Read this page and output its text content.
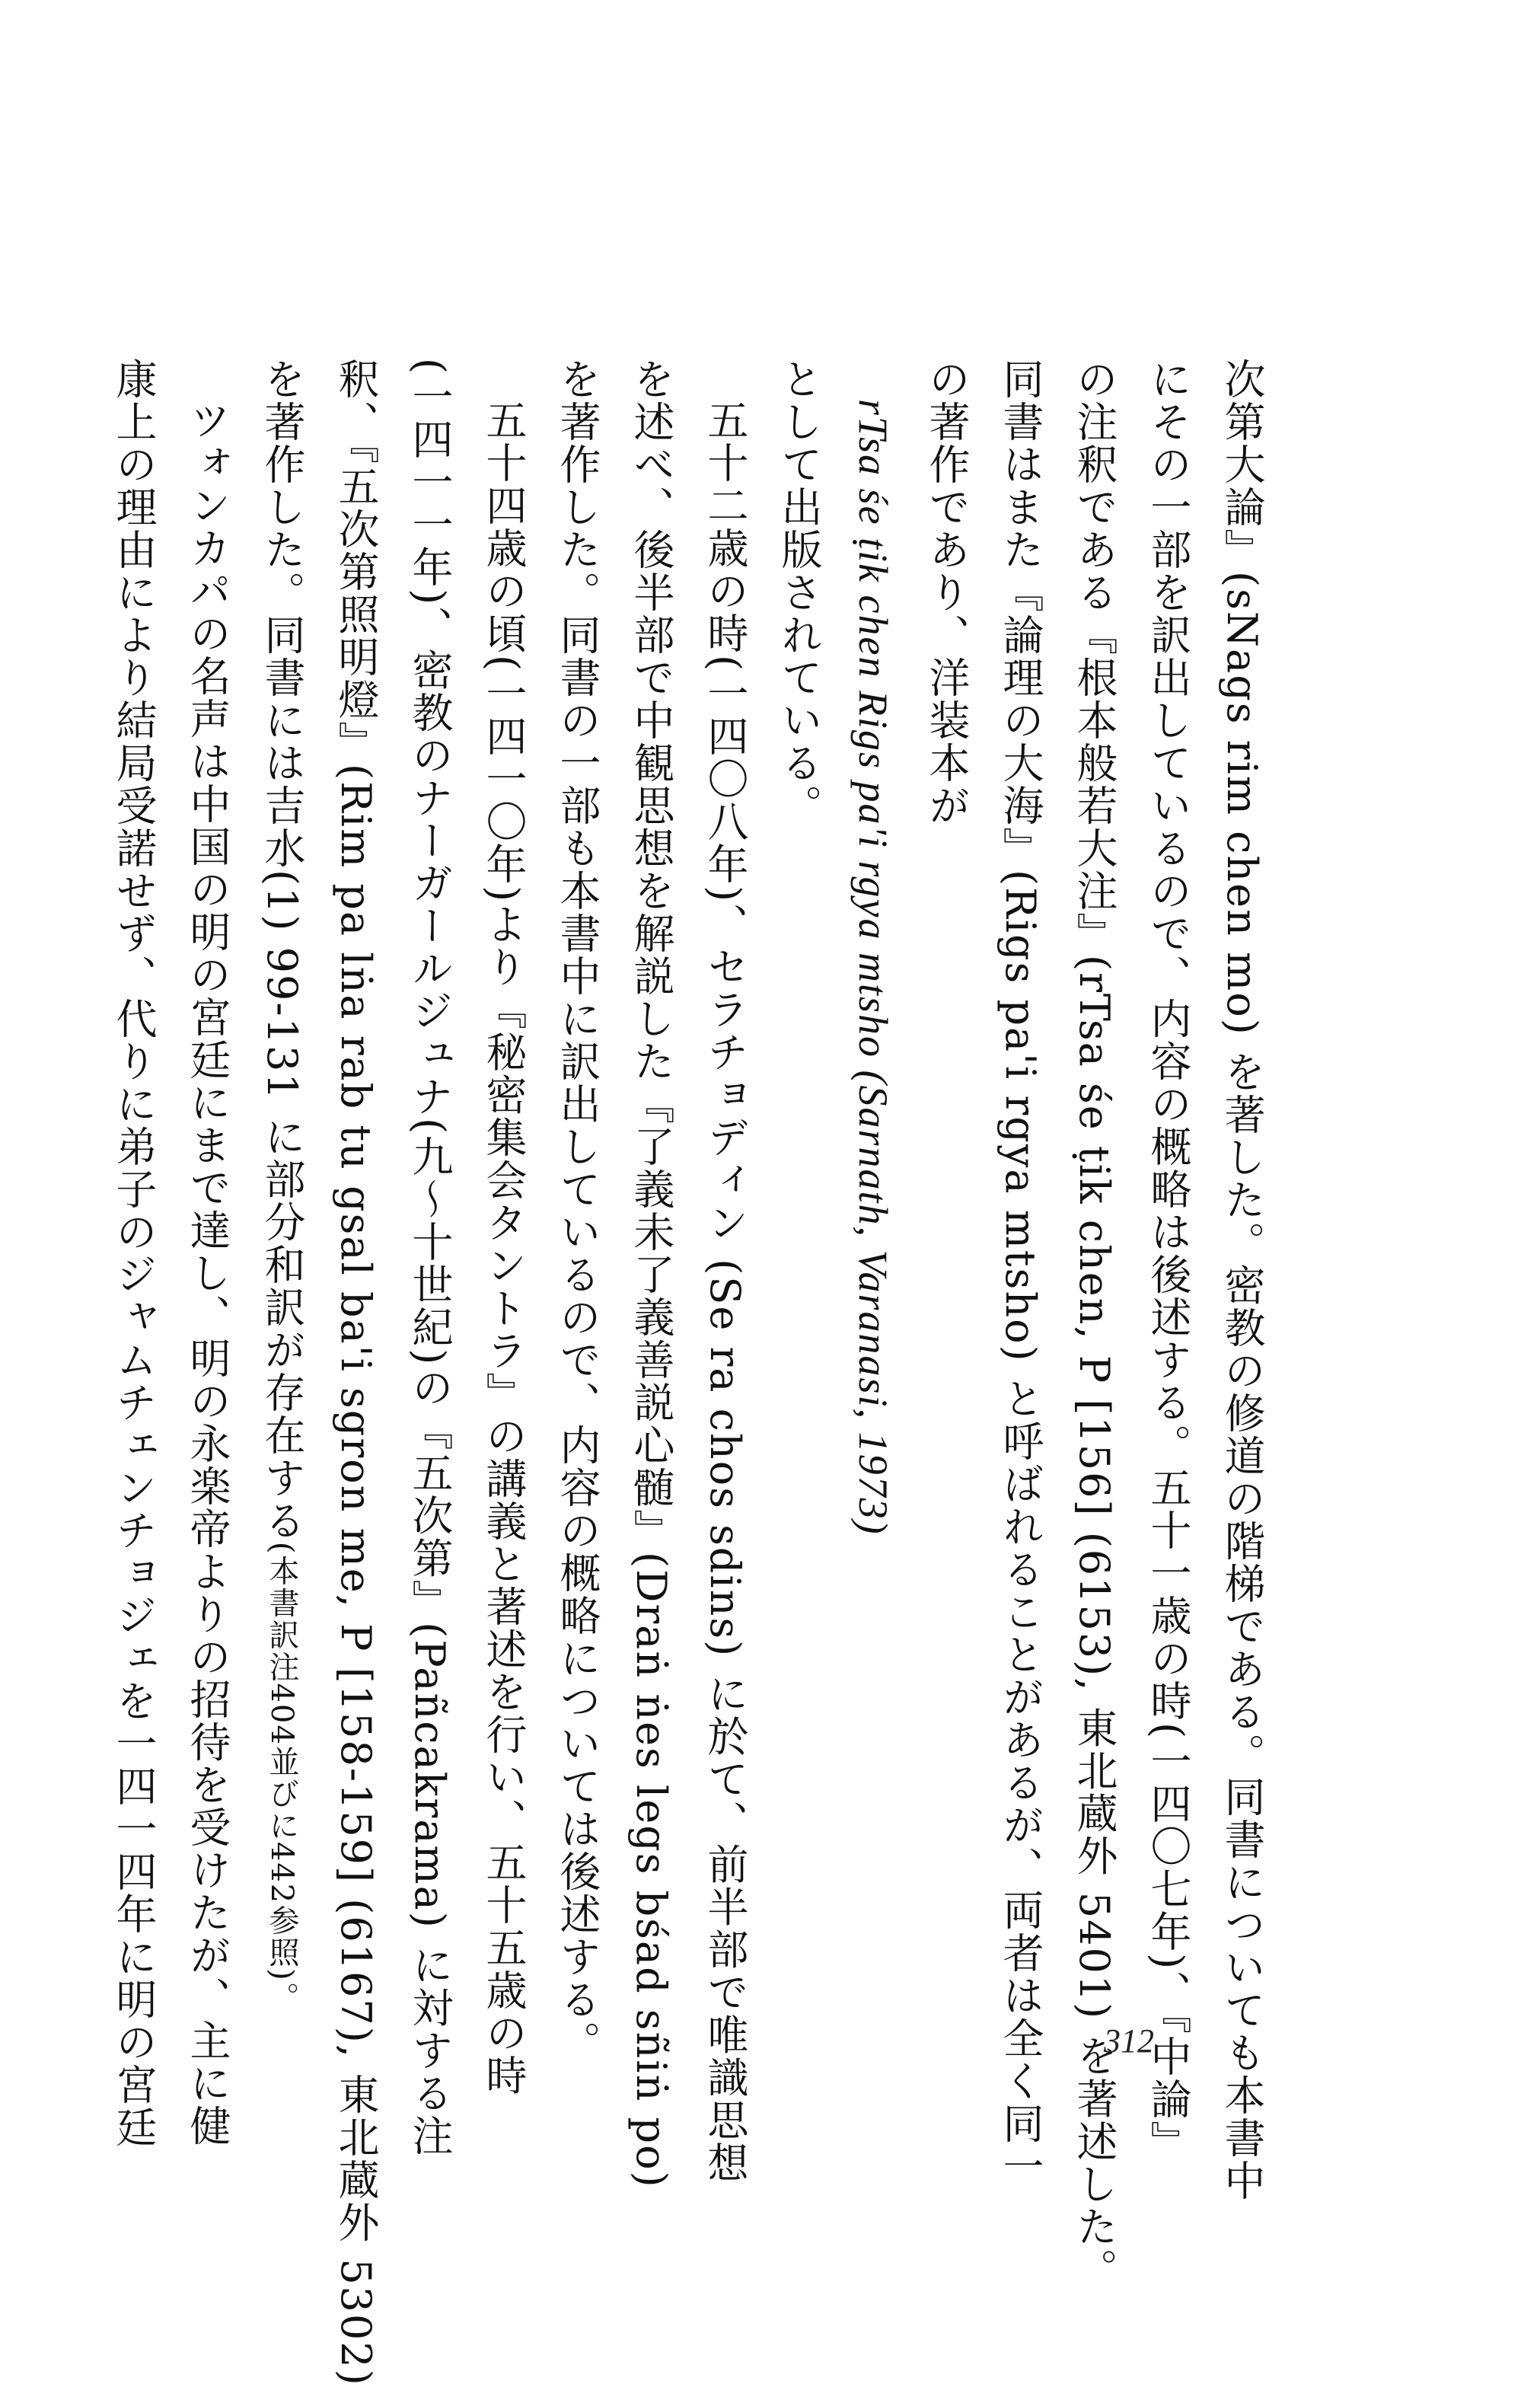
次第大論』(sNags rim chen mo) を著した。密教の修道の階梯である。同書についても本書中
にその一部を訳出しているので、内容の概略は後述する。五十一歳の時(一四〇七年)、『中論』
の注釈である『根本般若大注』(rTsa śe ṭik chen, P [156] (6153), 東北蔵外 5401) を著述した。
同書はまた『論理の大海』(Rigs pa'i rgya mtsho) と呼ばれることがあるが、両者は全く同一
の著作であり、洋装本が
rTsa śe ṭik chen Rigs pa'i rgya mtsho (Sarnath, Varanasi, 1973)
として出版されている。
五十二歳の時(一四〇八年)、セラチョディン (Se ra chos sdins) に於て、前半部で唯識思想
を述べ、後半部で中観思想を解説した『了義未了義善説心髄』(Draṅ ṅes legs bśad sñiṅ po)
を著作した。同書の一部も本書中に訳出しているので、内容の概略については後述する。
五十四歳の頃(一四一〇年)より『秘密集会タントラ』の講義と著述を行い、五十五歳の時
(一四一一年)、密教のナーガールジュナ(九～十世紀)の『五次第』(Pañcakrama) に対する注
釈、『五次第照明燈』(Rim pa lṅa rab tu gsal ba'i sgron me, P [158-159] (6167), 東北蔵外 5302)
を著作した。同書には吉水(1) 99-131 に部分和訳が存在する(本書訳注404並びに442参照)。
ツォンカパの名声は中国の明の宮廷にまで達し、明の永楽帝よりの招待を受けたが、主に健
康上の理由により結局受諾せず、代りに弟子のジャムチェンチョジェを一四一四年に明の宮廷	312
